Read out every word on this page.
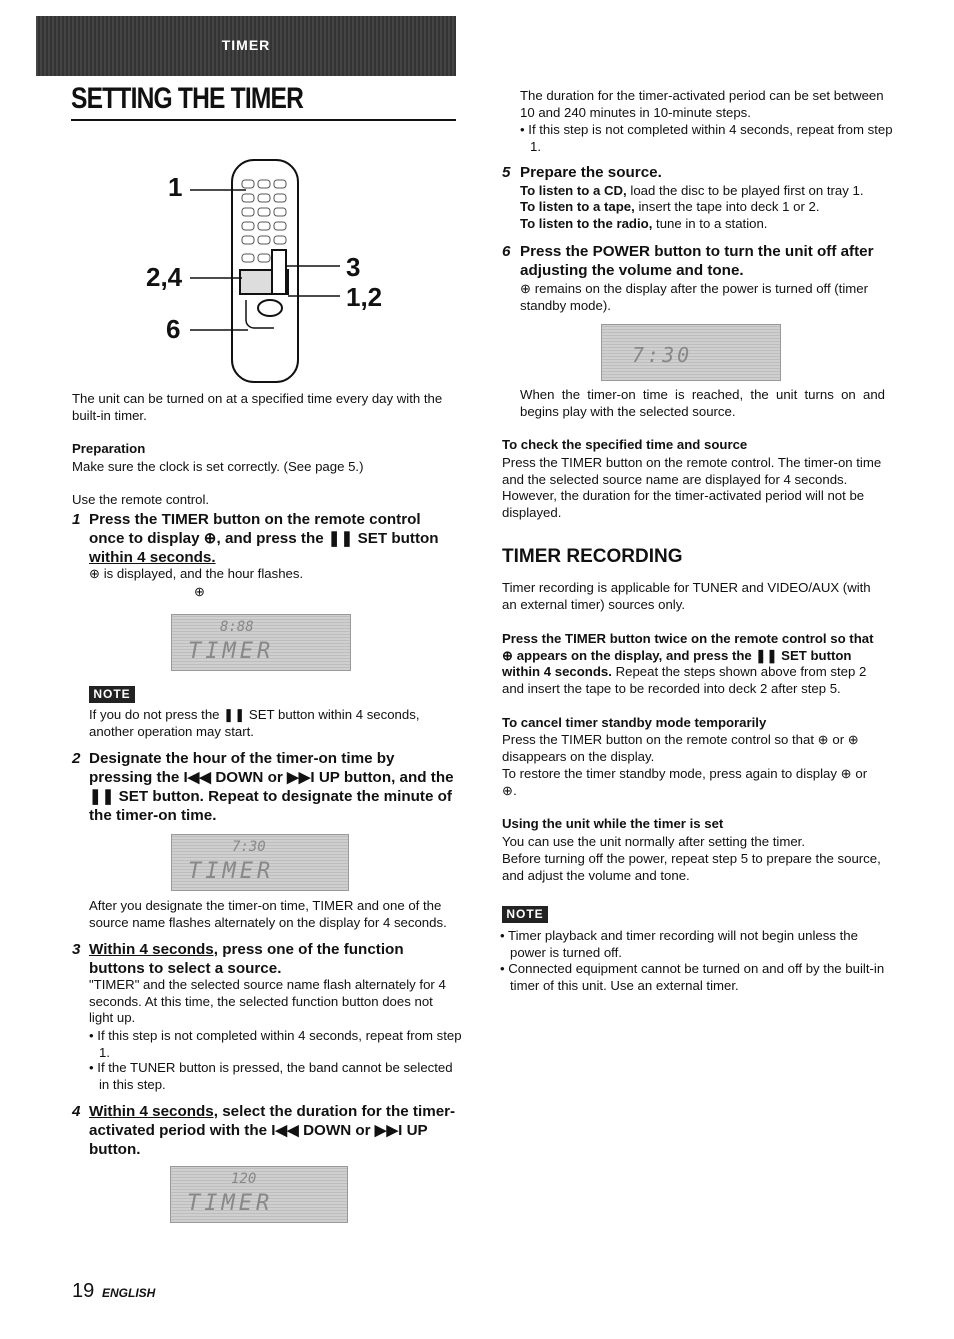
TIMER
SETTING THE TIMER
1
2,4
6
3
1,2

The unit can be turned on at a specified time every day with the built-in timer.

Preparation

Make sure the clock is set correctly. (See page 5.)

Use the remote control.

1 Press the TIMER button on the remote control once to display ⊕, and press the ❚❚ SET button within 4 seconds.

⊕ is displayed, and the hour flashes.

⊕
8:88
TIMER
NOTE

If you do not press the ❚❚ SET button within 4 seconds, another operation may start.

2 Designate the hour of the timer-on time by pressing the I◀◀ DOWN or ▶▶I UP button, and the ❚❚ SET button. Repeat to designate the minute of the timer-on time.
7:30
TIMER

After you designate the timer-on time, TIMER and one of the source name flashes alternately on the display for 4 seconds.

3 Within 4 seconds, press one of the function buttons to select a source.

"TIMER" and the selected source name flash alternately for 4 seconds. At this time, the selected function button does not light up.

• If this step is not completed within 4 seconds, repeat from step 1.

• If the TUNER button is pressed, the band cannot be selected in this step.

4 Within 4 seconds, select the duration for the timer-activated period with the I◀◀ DOWN or ▶▶I UP button.
120
TIMER
19 ENGLISH

The duration for the timer-activated period can be set between 10 and 240 minutes in 10-minute steps.

• If this step is not completed within 4 seconds, repeat from step 1.

5 Prepare the source.

To listen to a CD, load the disc to be played first on tray 1.

To listen to a tape, insert the tape into deck 1 or 2.

To listen to the radio, tune in to a station.

6 Press the POWER button to turn the unit off after adjusting the volume and tone.

⊕ remains on the display after the power is turned off (timer standby mode).

7:30

When the timer-on time is reached, the unit turns on and begins play with the selected source.

To check the specified time and source

Press the TIMER button on the remote control. The timer-on time and the selected source name are displayed for 4 seconds. However, the duration for the timer-activated period will not be displayed.

TIMER RECORDING

Timer recording is applicable for TUNER and VIDEO/AUX (with an external timer) sources only.

Press the TIMER button twice on the remote control so that ⊕ appears on the display, and press the ❚❚ SET button within 4 seconds. Repeat the steps shown above from step 2 and insert the tape to be recorded into deck 2 after step 5.

To cancel timer standby mode temporarily

Press the TIMER button on the remote control so that ⊕ or ⊕ disappears on the display.

To restore the timer standby mode, press again to display ⊕ or ⊕.

Using the unit while the timer is set

You can use the unit normally after setting the timer.

Before turning off the power, repeat step 5 to prepare the source, and adjust the volume and tone.

NOTE

• Timer playback and timer recording will not begin unless the power is turned off.

• Connected equipment cannot be turned on and off by the built-in timer of this unit. Use an external timer.
